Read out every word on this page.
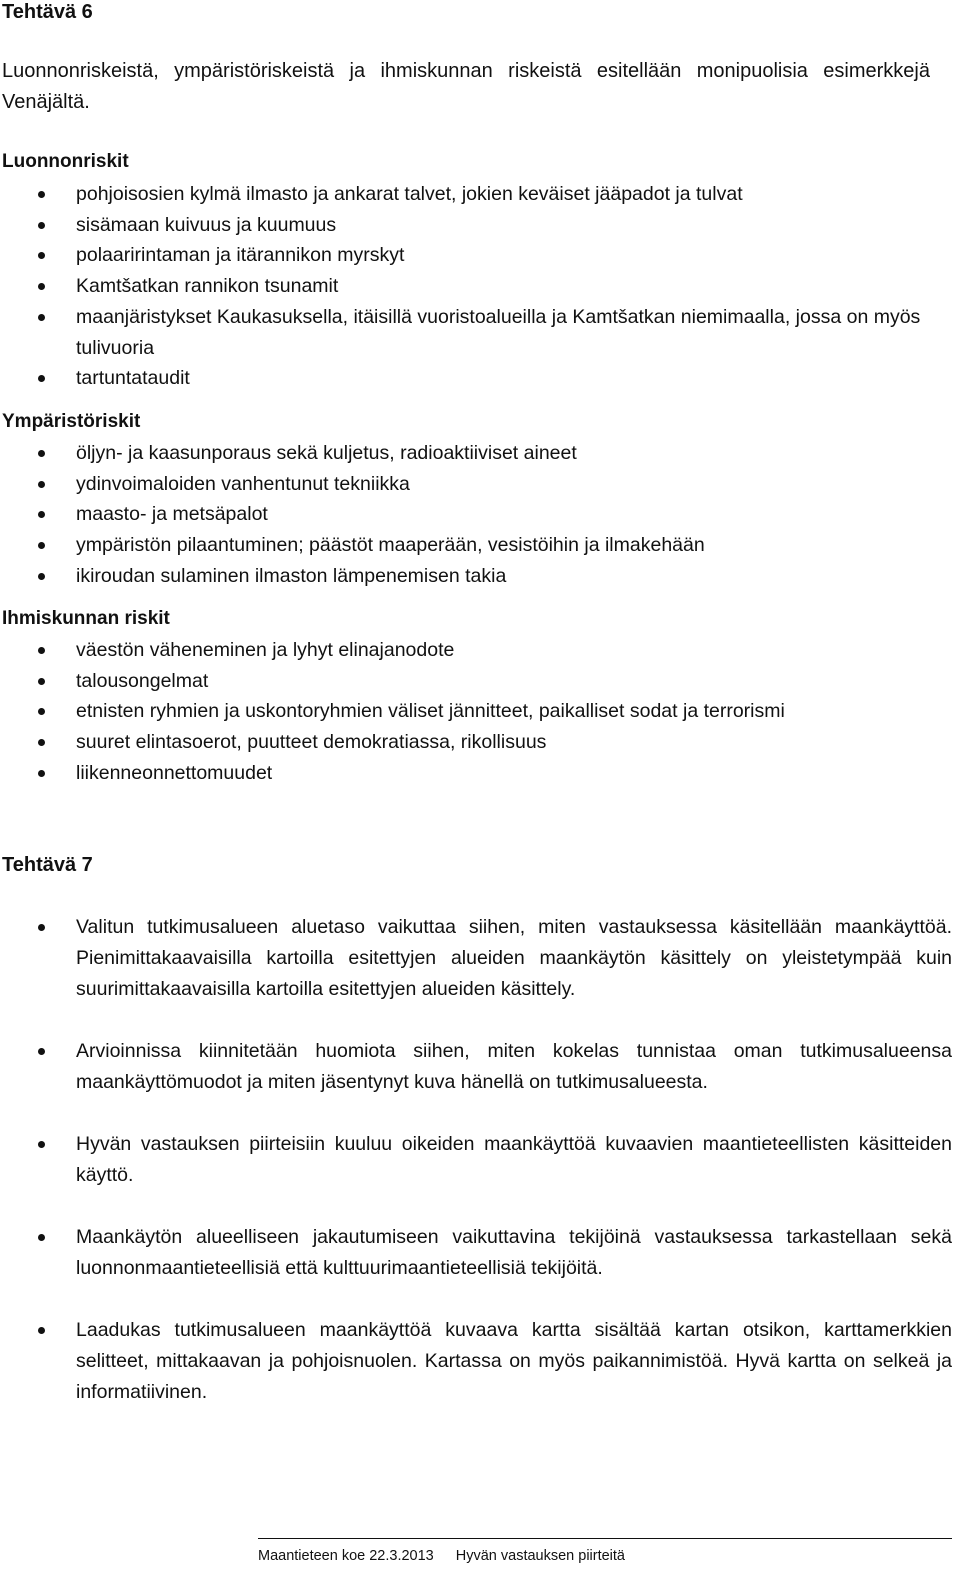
Tehtävä 6
Luonnonriskeistä, ympäristöriskeistä ja ihmiskunnan riskeistä esitellään monipuolisia esimerkkejä Venäjältä.
Luonnonriskit
pohjoisosien kylmä ilmasto ja ankarat talvet, jokien keväiset jääpadot ja tulvat
sisämaan kuivuus ja kuumuus
polaaririntaman ja itärannikon myrskyt
Kamtšatkan rannikon tsunamit
maanjäristykset Kaukasuksella, itäisillä vuoristoalueilla ja Kamtšatkan niemimaalla, jossa on myös tulivuoria
tartuntataudit
Ympäristöriskit
öljyn- ja kaasunporaus sekä kuljetus, radioaktiiviset aineet
ydinvoimaloiden vanhentunut tekniikka
maasto- ja metsäpalot
ympäristön pilaantuminen; päästöt maaperään, vesistöihin ja ilmakehään
ikiroudan sulaminen ilmaston lämpenemisen takia
Ihmiskunnan riskit
väestön väheneminen ja lyhyt elinajanodote
talousongelmat
etnisten ryhmien ja uskontoryhmien väliset jännitteet, paikalliset sodat ja terrorismi
suuret elintasoerot, puutteet demokratiassa, rikollisuus
liikenneonnettomuudet
Tehtävä 7
Valitun tutkimusalueen aluetaso vaikuttaa siihen, miten vastauksessa käsitellään maankäyttöä. Pienimittakaavaisilla kartoilla esitettyjen alueiden maankäytön käsittely on yleistetympää kuin suurimittakaavaisilla kartoilla esitettyjen alueiden käsittely.
Arvioinnissa kiinnitetään huomiota siihen, miten kokelas tunnistaa oman tutkimusalueensa maankäyttömuodot ja miten jäsentynyt kuva hänellä on tutkimusalueesta.
Hyvän vastauksen piirteisiin kuuluu oikeiden maankäyttöä kuvaavien maantieteellisten käsitteiden käyttö.
Maankäytön alueelliseen jakautumiseen vaikuttavina tekijöinä vastauksessa tarkastellaan sekä luonnonmaantieteellisiä että kulttuurimaantieteellisiä tekijöitä.
Laadukas tutkimusalueen maankäyttöä kuvaava kartta sisältää kartan otsikon, karttamerkkien selitteet, mittakaavan ja pohjoisnuolen. Kartassa on myös paikannimistöä. Hyvä kartta on selkeä ja informatiivinen.
Maantieteen koe 22.3.2013 Hyvän vastauksen piirteitä
